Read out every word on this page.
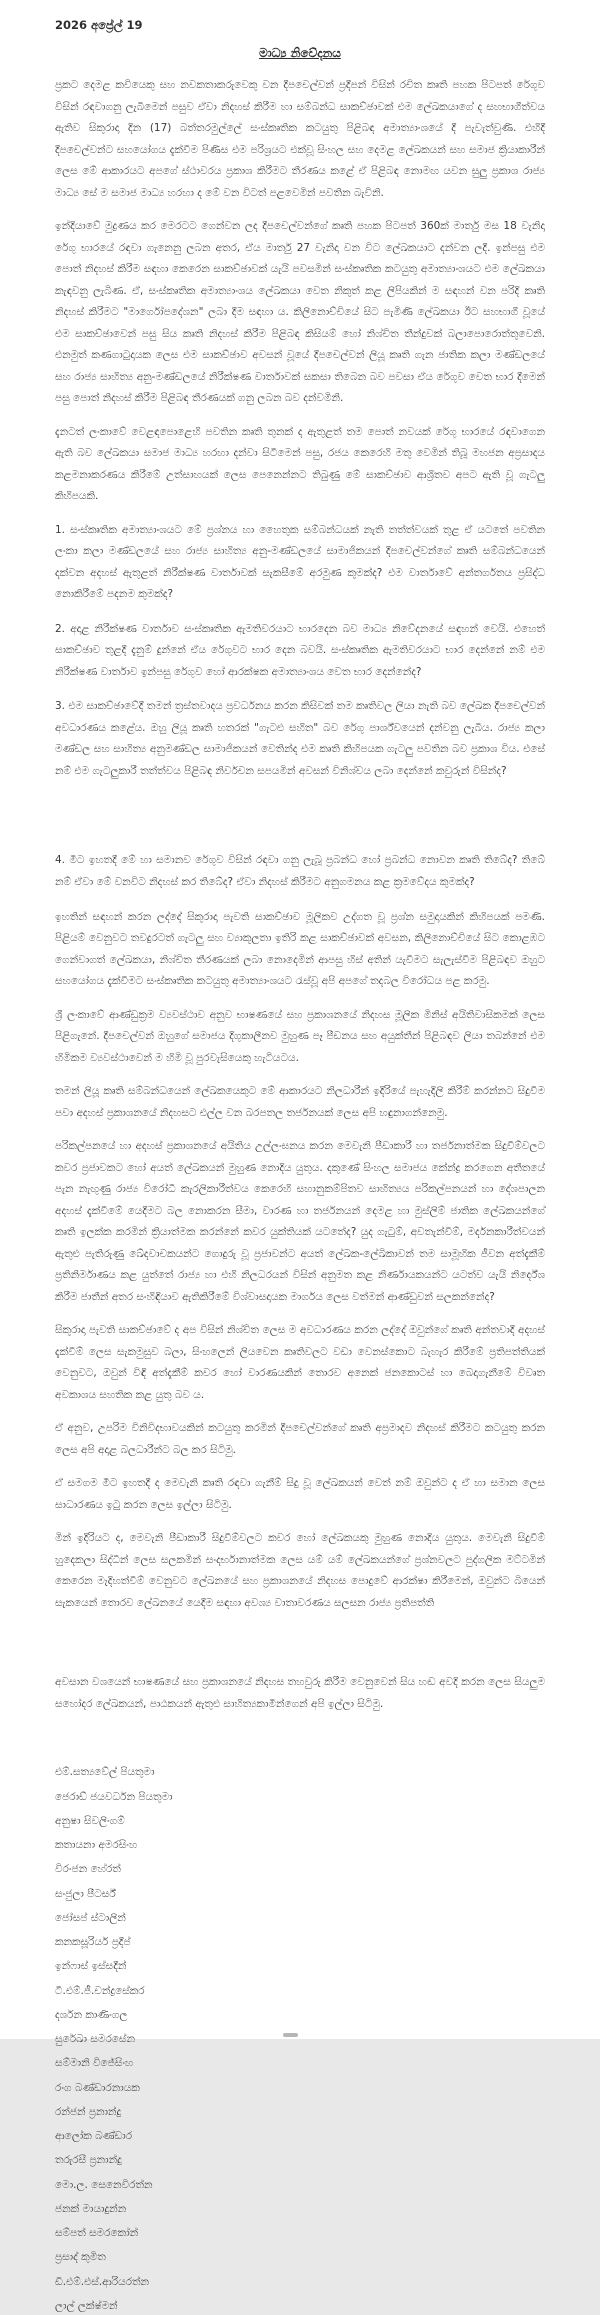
2026 අප්‍රේල් 19
මාධ්‍ය නිවේදනය

ප්‍රකට දෙමළ කවියෙකු සහ නවකතාකරුවෙකු වන දීපචෙල්වන් ප්‍රදීපන් විසින් රචිත කෘති පහක පිටපත් රේගුව විසින් රඳවාගනු ලැබීමෙන් පසුව ඒවා නිදහස් කිරීම හා සම්බන්ධ සාකච්ඡාවක් එම ලේඛකයාගේ ද සහභාගීත්වය ඇතිව සිකුරාදා දින (17) බත්තරමුල්ලේ සංස්කෘතික කටයුතු පිළිබඳ අමාත්‍යාංශයේ දී පැවැත්වුණි. එහිදී දීපචෙල්වන්ට සහයෝගය දැක්වීම පිණිස එම පරිශ්‍රයට එක්වූ සිංහල සහ දෙමළ ලේඛකයන් සහ සමාජ ක්‍රියාකාරීන් ලෙස මේ ආකාරයට අපගේ ස්ථාවරය ප්‍රකාශ කිරීමට තීරණය කළේ ඒ පිළිබඳ නොමඟ යවන සුලු ප්‍රකාශ රාජ්‍ය මාධ්‍ය සේ ම සමාජ මාධ්‍ය හරහා ද මේ වන විටත් පළවෙමින් පවතින බැවිනි.

ඉන්දියාවේ මුද්‍රණය කර මෙරටට ගෙන්වන ලද දීපචෙල්වන්ගේ කෘති පහක පිටපත් 360ක් මාර්තු මස 18 වැනිදා රේගු භාරයේ රඳවා ගැනෙනු ලබන අතර, ඒය මාර්තු 27 වැනිදා වන විට ලේඛකයාට දන්වන ලදී. ඉන්පසු එම පොත් නිදහස් කිරීම සඳහා කෙරෙන සාකච්ඡාවක් යැයි පවසමින් සංස්කෘතික කටයුතු අමාත්‍යාංශයට එම ලේඛකයා කැඳවනු ලැබිණ. ඒ, සංස්කෘතික අමාත්‍යාංශය ලේඛකයා වෙත නිකුත් කළ ලිපියකින් ම සඳහන් වන පරිදි කෘති නිදහස් කිරීමට "මාර්ගෝපදේශන" ලබා දීම සඳහා ය. කිලිනොච්චියේ සිට පැමිණි ලේඛකයා ඊට සහභාගී වූයේ එම සාකච්ඡාවෙන් පසු සිය කෘති නිදහස් කිරීම පිළිබඳ කිසියම් හෝ නිශ්චිත තීන්දුවක් බලාපොරොත්තුවෙනි. එනමුත් කණගාටුදායක ලෙස එම සාකච්ඡාව අවසන් වූයේ දීපචෙල්වන් ලියූ කෘති ගැන ජාතික කලා මණ්ඩලයේ සහ රාජ්‍ය සාහිත්‍ය අනු-මණ්ඩලයේ නිරීක්ෂණ වාර්තාවක් සකසා තිබෙන බව පවසා ඒය රේගුව වෙත භාර දීමෙන් පසු පොත් නිදහස් කිරීම පිළිබඳ තීරණයක් ගනු ලබන බව දන්වමිනි.

දැනටත් ලංකාවේ වෙළඳපොළෙහි පවතින කෘති තුනක් ද ඇතුළත් තම පොත් නවයක් රේගු භාරයේ රඳවාගෙන ඇති බව ලේඛකයා සමාජ මාධ්‍ය හරහා දන්වා සිටීමෙන් පසු, රජය කෙරෙහි මතු වෙමින් තිබූ මහජන අප්‍රසාදය කළමනාකරණය කිරීමේ උත්සාහයක් ලෙස පෙනෙන්නට තිබුණු මේ සාකච්ඡාව ආශ්‍රිතව අපට ඇති වූ ගැටලු කිහිපයකි.

1. සංස්කෘතික අමාත්‍යාංශයට මේ ප්‍රශ්නය හා හෛතුක සම්බන්ධයක් නැති තත්ත්වයක් තුළ ඒ යටතේ පවතින ලංකා කලා මණ්ඩලයේ සහ රාජ්‍ය සාහිත්‍ය අනු-මණ්ඩලයේ සාමාජිකයන් දීපචෙල්වන්ගේ කෘති සම්බන්ධයෙන් දක්වන අදහස් ඇතුළත් නිරීක්ෂණ වාර්තාවක් සැකසීමේ අරමුණ කුමක්ද? එම වාර්තාවේ අන්තර්ගතය ප්‍රසිද්ධ නොකිරීමේ පදනම කුමක්ද?

2. අදාළ නිරීක්ෂණ වාර්තාව සංස්කෘතික ඇමතිවරයාට භාරදෙන බව මාධ්‍ය නිවේදනයේ සඳහන් වෙයි. එහෙත් සාකච්ඡාව තුළදී දැනුම් දුන්නේ ඒය රේගුවට භාර දෙන බවයි. සංස්කෘතික ඇමතිවරයාට භාර දෙන්නේ නම් එම නිරීක්ෂණ වාර්තාව ඉන්පසු රේගුව හෝ ආරක්ෂක අමාත්‍යාංශය වෙත භාර දෙන්නේද?

3. එම සාකච්ඡාවේදී තමන් ත්‍රස්තවාදය ප්‍රවර්ධනය කරන කිසිවක් තම කෘතිවල ලියා නැති බව ලේඛක දීපචෙල්වන් අවධාරණය කළේය. ඔහු ලියූ කෘති හතරක් "ගැටළු සහිත" බව රේගු පාර්ශ්වයෙන් දන්වනු ලැබීය. රාජ්‍ය කලා මණ්ඩල සහ සාහිත්‍ය අනුමණ්ඩල සාමාජිකයන් වෙතින්ද එම කෘති කිහිපයක ගැටලු පවතින බව ප්‍රකාශ විය. එසේ නම් එම ගැටලුකාරී තත්ත්වය පිළිබඳ නිර්වචන සපයමින් අවසන් විනිශ්චය ලබා දෙන්නේ කවුරුන් විසින්ද?

4. මීට ඉහතදී මේ හා සමානව රේගුව විසින් රඳවා ගනු ලැබූ ප්‍රබන්ධ හෝ ප්‍රබන්ධ නොවන කෘති තිබේද? තිබේ නම් ඒවා මේ වනවිට නිදහස් කර තිබේද? ඒවා නිදහස් කිරීමට අනුගමනය කළ ක්‍රමවේදය කුමක්ද?

ඉහතින් සඳහන් කරන ලද්දේ සිකුරාදා පැවති සාකච්ඡාව මූලිකව උද්ගත වූ ප්‍රශ්න සමුදායකින් කිහිපයක් පමණි. පිළියම් වෙනුවට තවදුරටත් ගැටලු සහ ව්‍යාකූලතා ඉතිරි කළ සාකච්ඡාවක් අවසන, කිලිනොච්චියේ සිට කොළඹට ගෙන්වාගත් ලේඛකයා, නිශ්චිත තීරණයක් ලබා නොදෙමින් ආපසු හිස් අතින් යැවීමට සැලැස්වීම පිළිබඳව ඔහුට සහයෝගය දැක්වීමට සංස්කෘතික කටයුතු අමාත්‍යාංශයට රැස්වූ අපි අපගේ තදබල විරෝධය පළ කරමු.

ශ්‍රී ලංකාවේ ආණ්ඩුක්‍රම ව්‍යවස්ථාව අනුව භාෂණයේ සහ ප්‍රකාශනයේ නිදහස මූලික මිනිස් අයිතිවාසිකමක් ලෙස පිළිගැනේ. දීපචෙල්වන් ඔහුගේ සමාජය දිගුකාලීනව මුහුණ පෑ පීඩනය සහ අයුක්තීන් පිළිබඳව ලියා තබන්නේ එම හිමිකම ව්‍යවස්ථාවෙන් ම හිමි වූ පුරවැසියෙකු හැටියටය.

තමන් ලියූ කෘති සම්බන්ධයෙන් ලේඛකයෙකුට මේ ආකාරයට නිලධාරීන් ඉදිරියේ පැහැදිලි කිරීම් කරන්නට සිදුවීම පවා අදහස් ප්‍රකාශනයේ නිදහසට එල්ල වන බරපතල තර්ජනයක් ලෙස අපි හඳුනාගන්නෙමු.

පරිකල්පනයේ හා අදහස් ප්‍රකාශනයේ අයිතිය උල්ලංඝනය කරන මෙවැනි පීඩාකාරී හා තර්ජනාත්මක සිදුවීම්වලට කවර ප්‍රජාවකට හෝ අයත් ලේඛකයන් මුහුණ නොදිය යුතුය. දකුණේ සිංහල සමාජය කේන්ද්‍ර කරගෙන අතීතයේ පැන නැඟුණු රාජ්‍ය විරෝධී කැරලිකාරීත්වය කෙරෙහි සහානුකම්පිතව සාහිත්‍යය පරිකල්පනයන් හා දේශපාලන අදහස් දැක්වීමේ යෙදීමට බල නොකරන සීමා, වාරණ හා තර්ජනයන් දෙමළ හා මුස්ලිම් ජාතික ලේඛකයන්ගේ කෘති ඉලක්ක කරමින් ක්‍රියාත්මක කරන්නේ කවර යුක්තියක් යටතේද? යුද ගැටුම්, අවතැන්වීම්, මර්දනකාරීත්වයන් ඇතුළු පැතිරුණු ඛේදවාචකයන්ට ගොදුරු වූ ප්‍රජාවන්ට අයත් ලේඛක-ලේඛිකාවන් තම සාමූහික ජීවන අත්දැකීම් ප්‍රතිනිර්මාණය කළ යුත්තේ රාජ්‍ය හා එහි නිලධරයන් විසින් අනුමත කළ නිර්ණායකයන්ට යටත්ව යැයි නිර්දේශ කිරීම ජාතීන් අතර සංහිඳියාව ඇතිකිරීමේ විශ්වාසදායක මාර්ගය ලෙස වත්මන් ආණ්ඩුවන් සලකන්නේද?

සිකුරාදා පැවති සාකච්ඡාවේ ද අප විසින් නිශ්චිත ලෙස ම අවධාරණය කරන ලද්දේ ඔවුන්ගේ කෘති අන්තවාදී අදහස් දැක්වීම් ලෙස සැකමුසුව බලා, සිංහලෙන් ලියවෙන කෘතිවලට වඩා වෙනස්කොට බැහැර කිරීමේ ප්‍රතිපත්තියක් වෙනුවට, ඔවුන් විඳි අත්දැකීම් කවර හෝ වාරණයකින් තොරව අනෙක් ජනකොටස් හා බෙදාගැනීමේ විවෘත අවකාශය සහතික කළ යුතු බව ය.

ඒ අනුව, උපරිම විනිවිදභාවයකින් කටයුතු කරමින් දීපචෙල්වන්ගේ කෘති අප්‍රමාදව නිදහස් කිරීමට කටයුතු කරන ලෙස අපි අදාළ බලධාරීන්ට බල කර සිටිමු.

ඒ සමගම මීට ඉහතදී ද මෙවැනි කෘති රඳවා ගැනීම් සිදු වූ ලේඛකයන් වෙත් නම් ඔවුන්ට ද ඒ හා සමාන ලෙස සාධාරණය ඉටු කරන ලෙස ඉල්ලා සිටිමු.

මින් ඉදිරියට ද, මෙවැනි පීඩාකාරී සිදුවීම්වලට කවර හෝ ලේඛකයකු මුහුණ නොදිය යුතුය. මෙවැනි සිදුවීම් හුදෙකලා සිද්ධීන් ලෙස සලකමින් සංදර්භානාත්මක ලෙස යම් යම් ලේඛකයන්ගේ ප්‍රශ්නවලට පුද්ගලික මට්ටමින් කෙරෙන මැදිහත්වීම් වෙනුවට ලේඛනයේ සහ ප්‍රකාශනයේ නිදහස පොදුවේ ආරක්ෂා කිරීමෙන්, ඔවුන්ට බියෙන් සැකයෙන් තොරව ලේඛනයේ යෙදීම සඳහා අවශ්‍ය වාතාවරණය සලසන රාජ්‍ය ප්‍රතිපත්ති

අවසාන වශයෙන් භාෂණයේ සහ ප්‍රකාශනයේ නිදහස තහවුරු කිරීම වෙනුවෙන් සිය හඬ අවදි කරන ලෙස සියලුම සහෝදර ලේඛකයන්, පාඨකයන් ඇතුළු සාහිත්‍යකාමීන්ගෙන් අපි ඉල්ලා සිටිමු.

එම්.සත්‍යවේල් පියතුමා
ජෙරාඩ් ජයවර්ධන පියතුමා
අනුෂා සිවලිංගම්
කතායනා අමරසිංහ
විරංජන හේරත්
සංජුලා පීටර්ස්
ජෝසප් ස්ටාලින්
කනකසූරියර් ප්‍රදීප්
ඉන්ෆාස් ඉස්සදීන්
ටී.එම්.ජී.චන්ද්‍රසේකර
දර්ශන කාණිංගල
සුරේඛා සමරසේන
සම්මානි විජේසිංහ
රංග බණ්ඩාරනායක
රන්ජන් ප්‍රනාන්දු
ආලෝක බණ්ඩාර
තරුරසී ප්‍රනාන්දු
මො.ල. සෙනෙවිරත්න
ජනක් මායාදුන්න
සම්පත් සමරකෝන්
ප්‍රසාද් කුමිත
ඩී.එම්.එස්.ආරියරත්න
ලාල් ලක්ෂ්මන්
